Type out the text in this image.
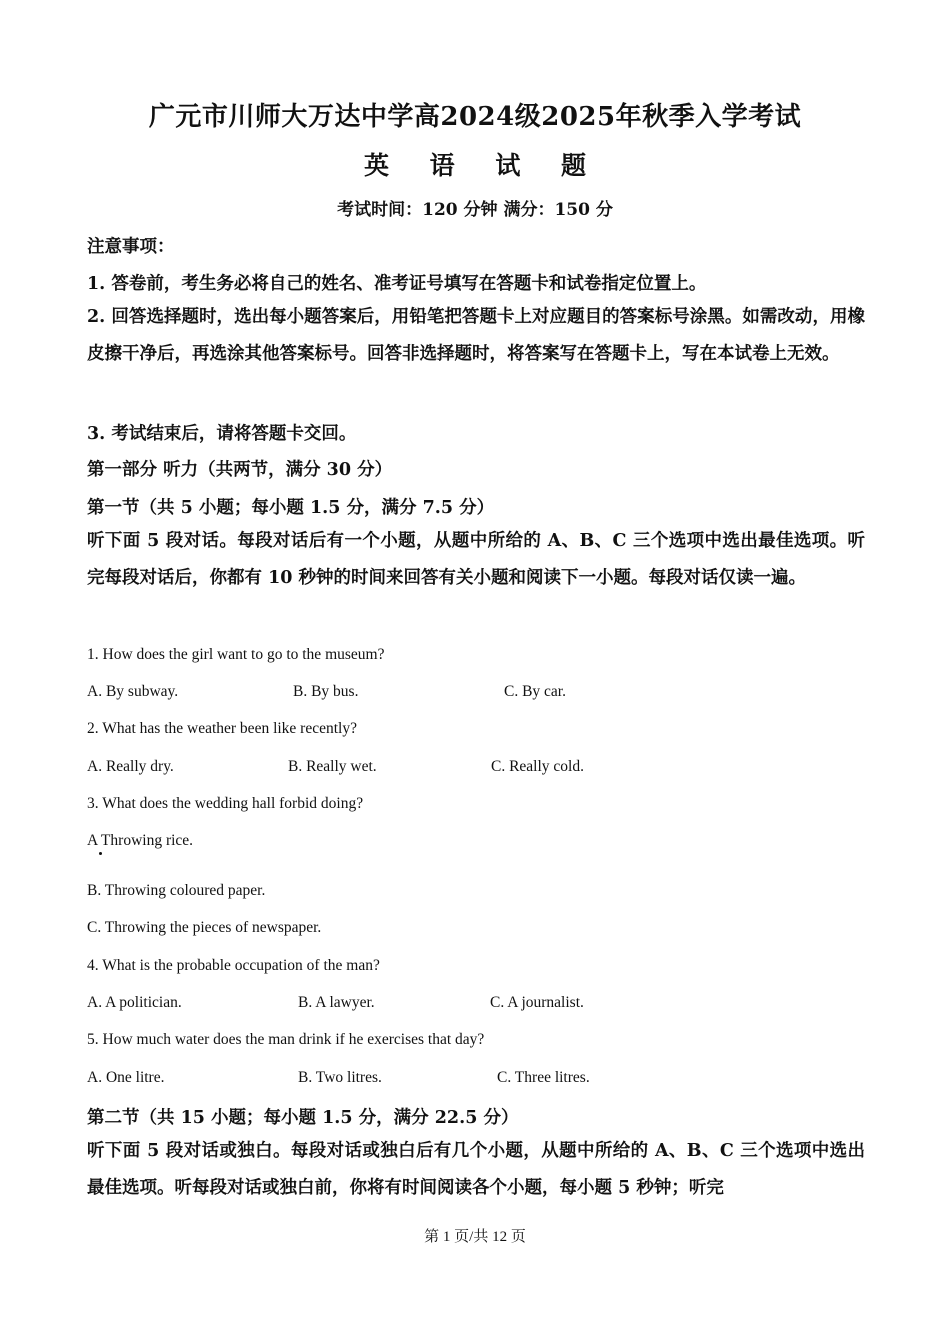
广元市川师大万达中学高2024级2025年秋季入学考试
英 语 试 题
考试时间：120 分钟 满分：150 分
注意事项：
1. 答卷前，考生务必将自己的姓名、准考证号填写在答题卡和试卷指定位置上。
2. 回答选择题时，选出每小题答案后，用铅笔把答题卡上对应题目的答案标号涂黑。如需改动，用橡皮擦干净后，再选涂其他答案标号。回答非选择题时，将答案写在答题卡上，写在本试卷上无效。
3. 考试结束后，请将答题卡交回。
第一部分 听力（共两节，满分 30 分）
第一节（共 5 小题；每小题 1.5 分，满分 7.5 分）
听下面 5 段对话。每段对话后有一个小题，从题中所给的 A、B、C 三个选项中选出最佳选项。听完每段对话后，你都有 10 秒钟的时间来回答有关小题和阅读下一小题。每段对话仅读一遍。
1. How does the girl want to go to the museum?
A. By subway.	B. By bus.	C. By car.
2. What has the weather been like recently?
A. Really dry.	B. Really wet.	C. Really cold.
3. What does the wedding hall forbid doing?
A Throwing rice.
B. Throwing coloured paper.
C. Throwing the pieces of newspaper.
4. What is the probable occupation of the man?
A. A politician.	B. A lawyer.	C. A journalist.
5. How much water does the man drink if he exercises that day?
A. One litre.	B. Two litres.	C. Three litres.
第二节（共 15 小题；每小题 1.5 分，满分 22.5 分）
听下面 5 段对话或独白。每段对话或独白后有几个小题，从题中所给的 A、B、C 三个选项中选出最佳选项。听每段对话或独白前，你将有时间阅读各个小题，每小题 5 秒钟；听完
第 1 页/共 12 页
